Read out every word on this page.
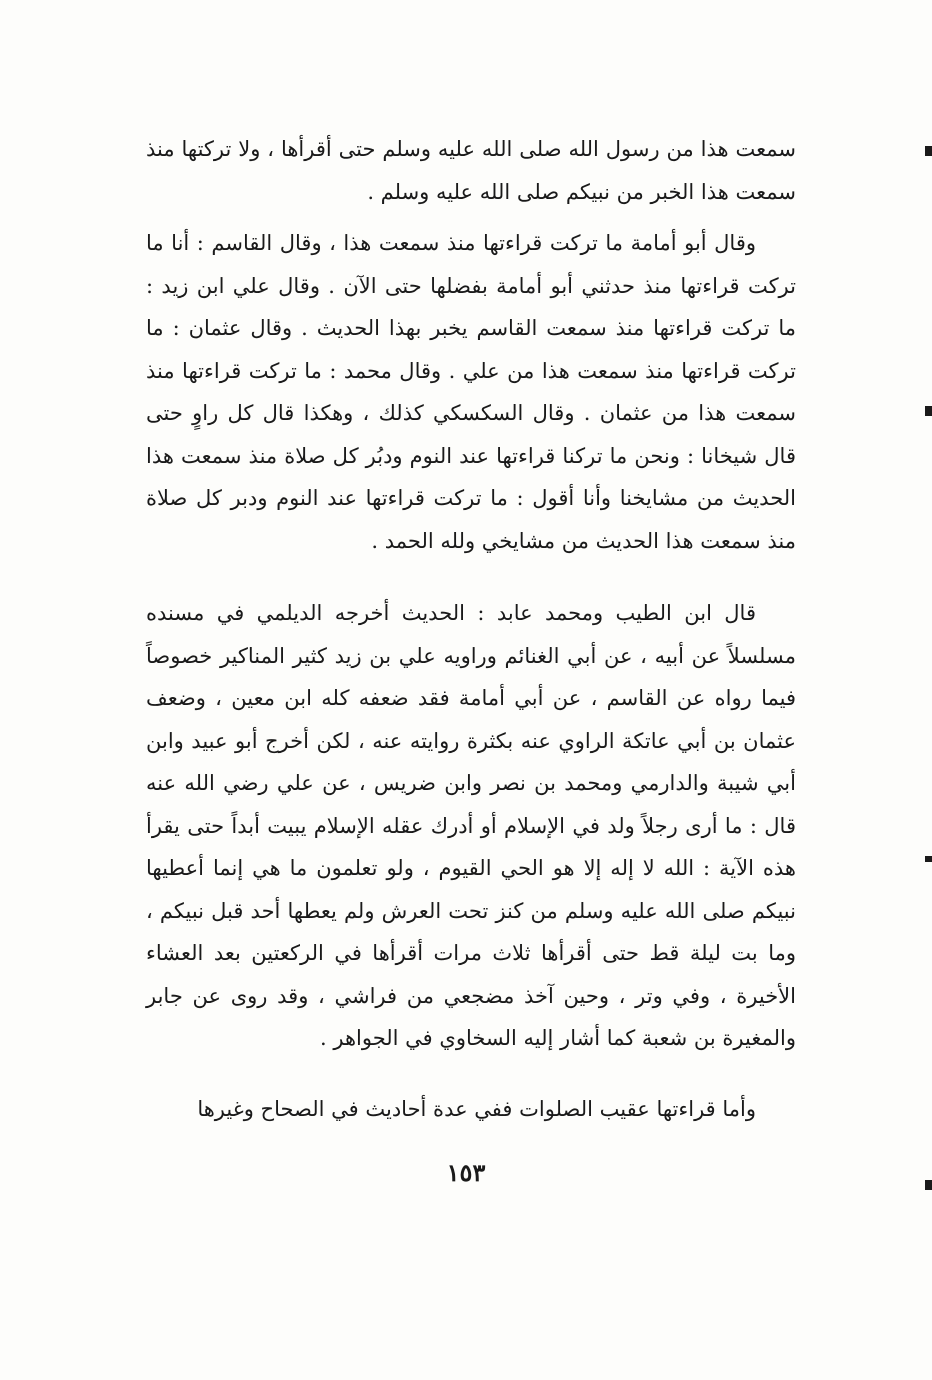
سمعت هذا من رسول الله صلى الله عليه وسلم حتى أقرأها ، ولا تركتها منذ سمعت هذا الخبر من نبيكم صلى الله عليه وسلم .

وقال أبو أمامة ما تركت قراءتها منذ سمعت هذا ، وقال القاسم : أنا ما تركت قراءتها منذ حدثني أبو أمامة بفضلها حتى الآن . وقال علي ابن زيد : ما تركت قراءتها منذ سمعت القاسم يخبر بهذا الحديث . وقال عثمان : ما تركت قراءتها منذ سمعت هذا من علي . وقال محمد : ما تركت قراءتها منذ سمعت هذا من عثمان . وقال السكسكي كذلك ، وهكذا قال كل راوٍ حتى قال شيخانا : ونحن ما تركنا قراءتها عند النوم ودبُر كل صلاة منذ سمعت هذا الحديث من مشايخنا وأنا أقول : ما تركت قراءتها عند النوم ودبر كل صلاة منذ سمعت هذا الحديث من مشايخي ولله الحمد .

قال ابن الطيب ومحمد عابد : الحديث أخرجه الديلمي في مسنده مسلسلاً عن أبيه ، عن أبي الغنائم وراويه علي بن زيد كثير المناكير خصوصاً فيما رواه عن القاسم ، عن أبي أمامة فقد ضعفه كله ابن معين ، وضعف عثمان بن أبي عاتكة الراوي عنه بكثرة روايته عنه ، لكن أخرج أبو عبيد وابن أبي شيبة والدارمي ومحمد بن نصر وابن ضريس ، عن علي رضي الله عنه قال : ما أرى رجلاً ولد في الإسلام أو أدرك عقله الإسلام يبيت أبداً حتى يقرأ هذه الآية : الله لا إله إلا هو الحي القيوم ، ولو تعلمون ما هي إنما أعطيها نبيكم صلى الله عليه وسلم من كنز تحت العرش ولم يعطها أحد قبل نبيكم ، وما بت ليلة قط حتى أقرأها ثلاث مرات أقرأها في الركعتين بعد العشاء الأخيرة ، وفي وتر ، وحين آخذ مضجعي من فراشي ، وقد روى عن جابر والمغيرة بن شعبة كما أشار إليه السخاوي في الجواهر .

وأما قراءتها عقيب الصلوات ففي عدة أحاديث في الصحاح وغيرها

١٥٣
